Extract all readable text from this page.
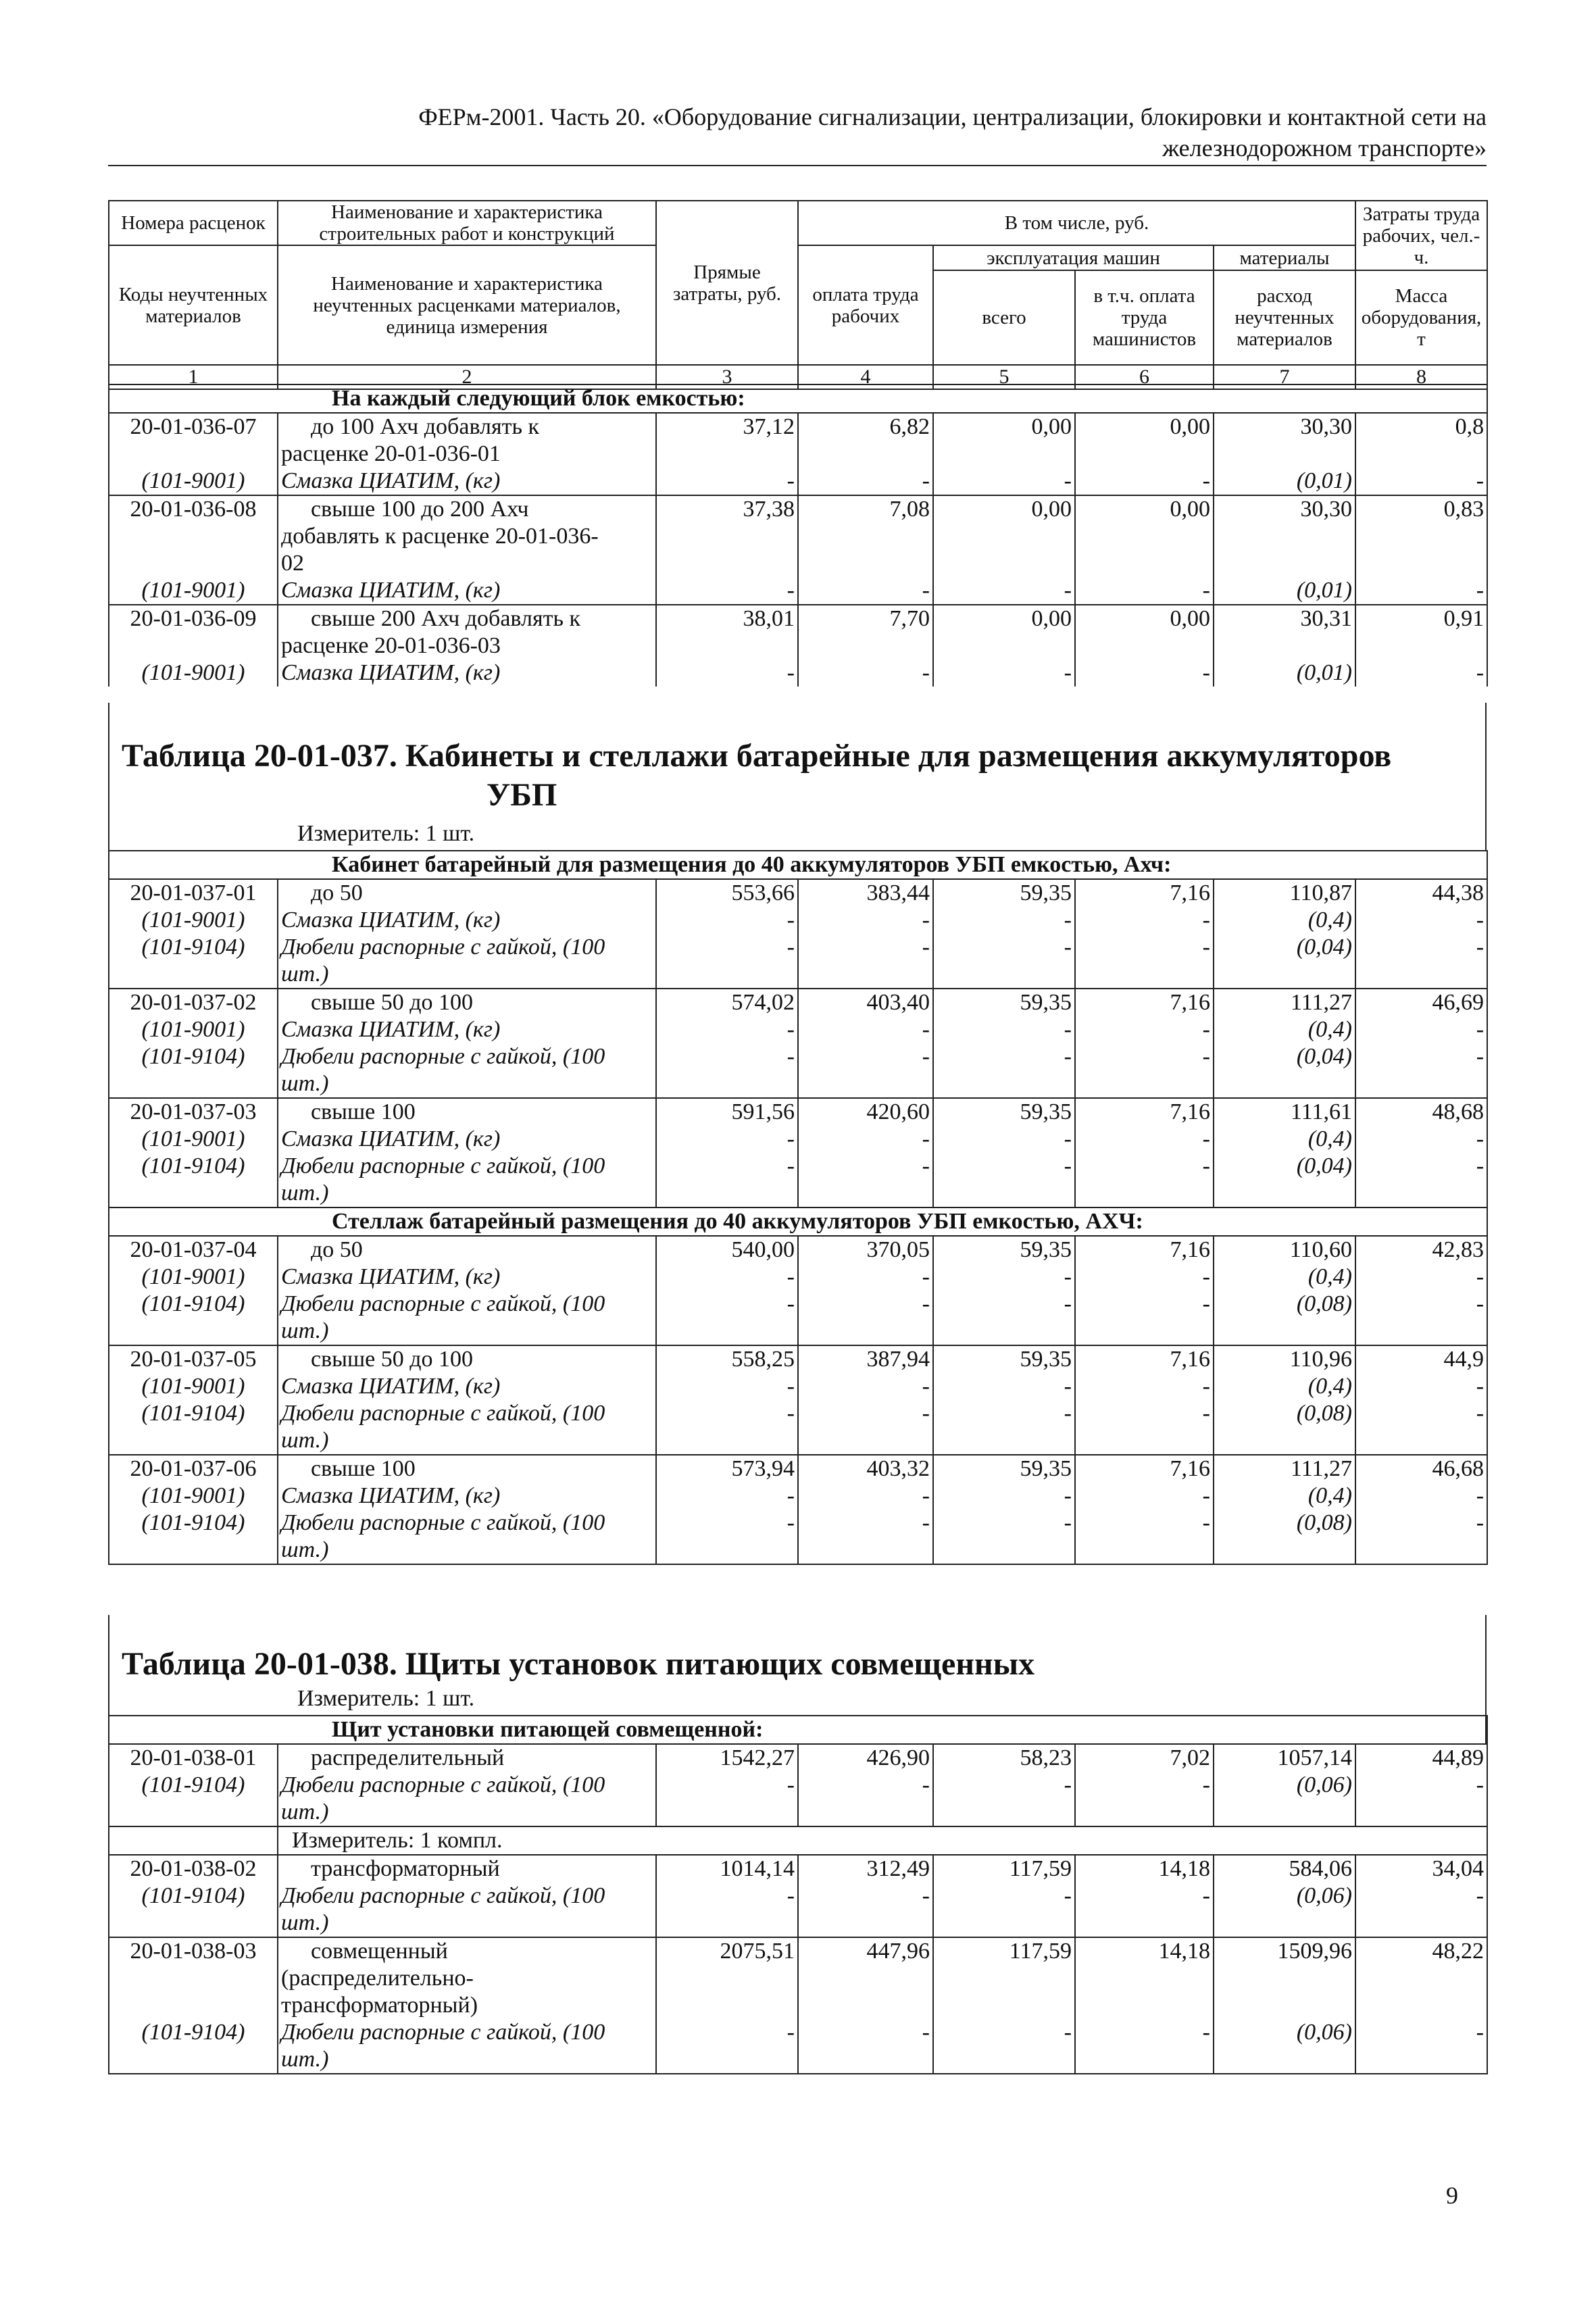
ФЕРм-2001. Часть 20. «Оборудование сигнализации, централизации, блокировки и контактной сети на
железнодорожном транспорте»
Номера расценок	Наименование и характеристика строительных работ и конструкций	Прямые затраты, руб.	В том числе, руб.				Затраты труда рабочих, чел.-ч.
Коды неучтенных материалов	Наименование и характеристика неучтенных расценками материалов, единица измерения		оплата труда рабочих	эксплуатация машин		материалы	
				всего	в т.ч. оплата труда машинистов	расход неучтенных материалов	Масса оборудования, т
1	2	3	4	5	6	7	8
	На каждый следующий блок емкостью:						
20-01-036-07	до 100 Ахч добавлять к	37,12	6,82	0,00	0,00	30,30	0,8
	расценке 20-01-036-01						
(101-9001)	Смазка ЦИАТИМ, (кг)	-	-	-	-	(0,01)	-
20-01-036-08	свыше 100 до 200 Ахч	37,38	7,08	0,00	0,00	30,30	0,83
	добавлять к расценке 20-01-036-						
	02						
(101-9001)	Смазка ЦИАТИМ, (кг)	-	-	-	-	(0,01)	-
20-01-036-09	свыше 200 Ахч добавлять к	38,01	7,70	0,00	0,00	30,31	0,91
	расценке 20-01-036-03						
(101-9001)	Смазка ЦИАТИМ, (кг)	-	-	-	-	(0,01)	-
Таблица 20-01-037. Кабинеты и стеллажи батарейные для размещения аккумуляторов
УБП
Измеритель: 1 шт.
	Кабинет батарейный для размещения до 40 аккумуляторов УБП емкостью, Ахч:						
20-01-037-01	до 50	553,66	383,44	59,35	7,16	110,87	44,38
(101-9001)	Смазка ЦИАТИМ, (кг)	-	-	-	-	(0,4)	-
(101-9104)	Дюбели распорные с гайкой, (100	-	-	-	-	(0,04)	-
	шт.)						
20-01-037-02	свыше 50 до 100	574,02	403,40	59,35	7,16	111,27	46,69
(101-9001)	Смазка ЦИАТИМ, (кг)	-	-	-	-	(0,4)	-
(101-9104)	Дюбели распорные с гайкой, (100	-	-	-	-	(0,04)	-
	шт.)						
20-01-037-03	свыше 100	591,56	420,60	59,35	7,16	111,61	48,68
(101-9001)	Смазка ЦИАТИМ, (кг)	-	-	-	-	(0,4)	-
(101-9104)	Дюбели распорные с гайкой, (100	-	-	-	-	(0,04)	-
	шт.)						
	Стеллаж батарейный размещения до 40 аккумуляторов УБП емкостью, АХЧ:						
20-01-037-04	до 50	540,00	370,05	59,35	7,16	110,60	42,83
(101-9001)	Смазка ЦИАТИМ, (кг)	-	-	-	-	(0,4)	-
(101-9104)	Дюбели распорные с гайкой, (100	-	-	-	-	(0,08)	-
	шт.)						
20-01-037-05	свыше 50 до 100	558,25	387,94	59,35	7,16	110,96	44,9
(101-9001)	Смазка ЦИАТИМ, (кг)	-	-	-	-	(0,4)	-
(101-9104)	Дюбели распорные с гайкой, (100	-	-	-	-	(0,08)	-
	шт.)						
20-01-037-06	свыше 100	573,94	403,32	59,35	7,16	111,27	46,68
(101-9001)	Смазка ЦИАТИМ, (кг)	-	-	-	-	(0,4)	-
(101-9104)	Дюбели распорные с гайкой, (100	-	-	-	-	(0,08)	-
	шт.)						
Таблица 20-01-038. Щиты установок питающих совмещенных
Измеритель: 1 шт.
	Щит установки питающей совмещенной:						
20-01-038-01	распределительный	1542,27	426,90	58,23	7,02	1057,14	44,89
(101-9104)	Дюбели распорные с гайкой, (100	-	-	-	-	(0,06)	-
	шт.)						
	Измеритель: 1 компл.						
20-01-038-02	трансформаторный	1014,14	312,49	117,59	14,18	584,06	34,04
(101-9104)	Дюбели распорные с гайкой, (100	-	-	-	-	(0,06)	-
	шт.)						
20-01-038-03	совмещенный	2075,51	447,96	117,59	14,18	1509,96	48,22
	(распределительно-						
	трансформаторный)						
(101-9104)	Дюбели распорные с гайкой, (100	-	-	-	-	(0,06)	-
	шт.)						
9
